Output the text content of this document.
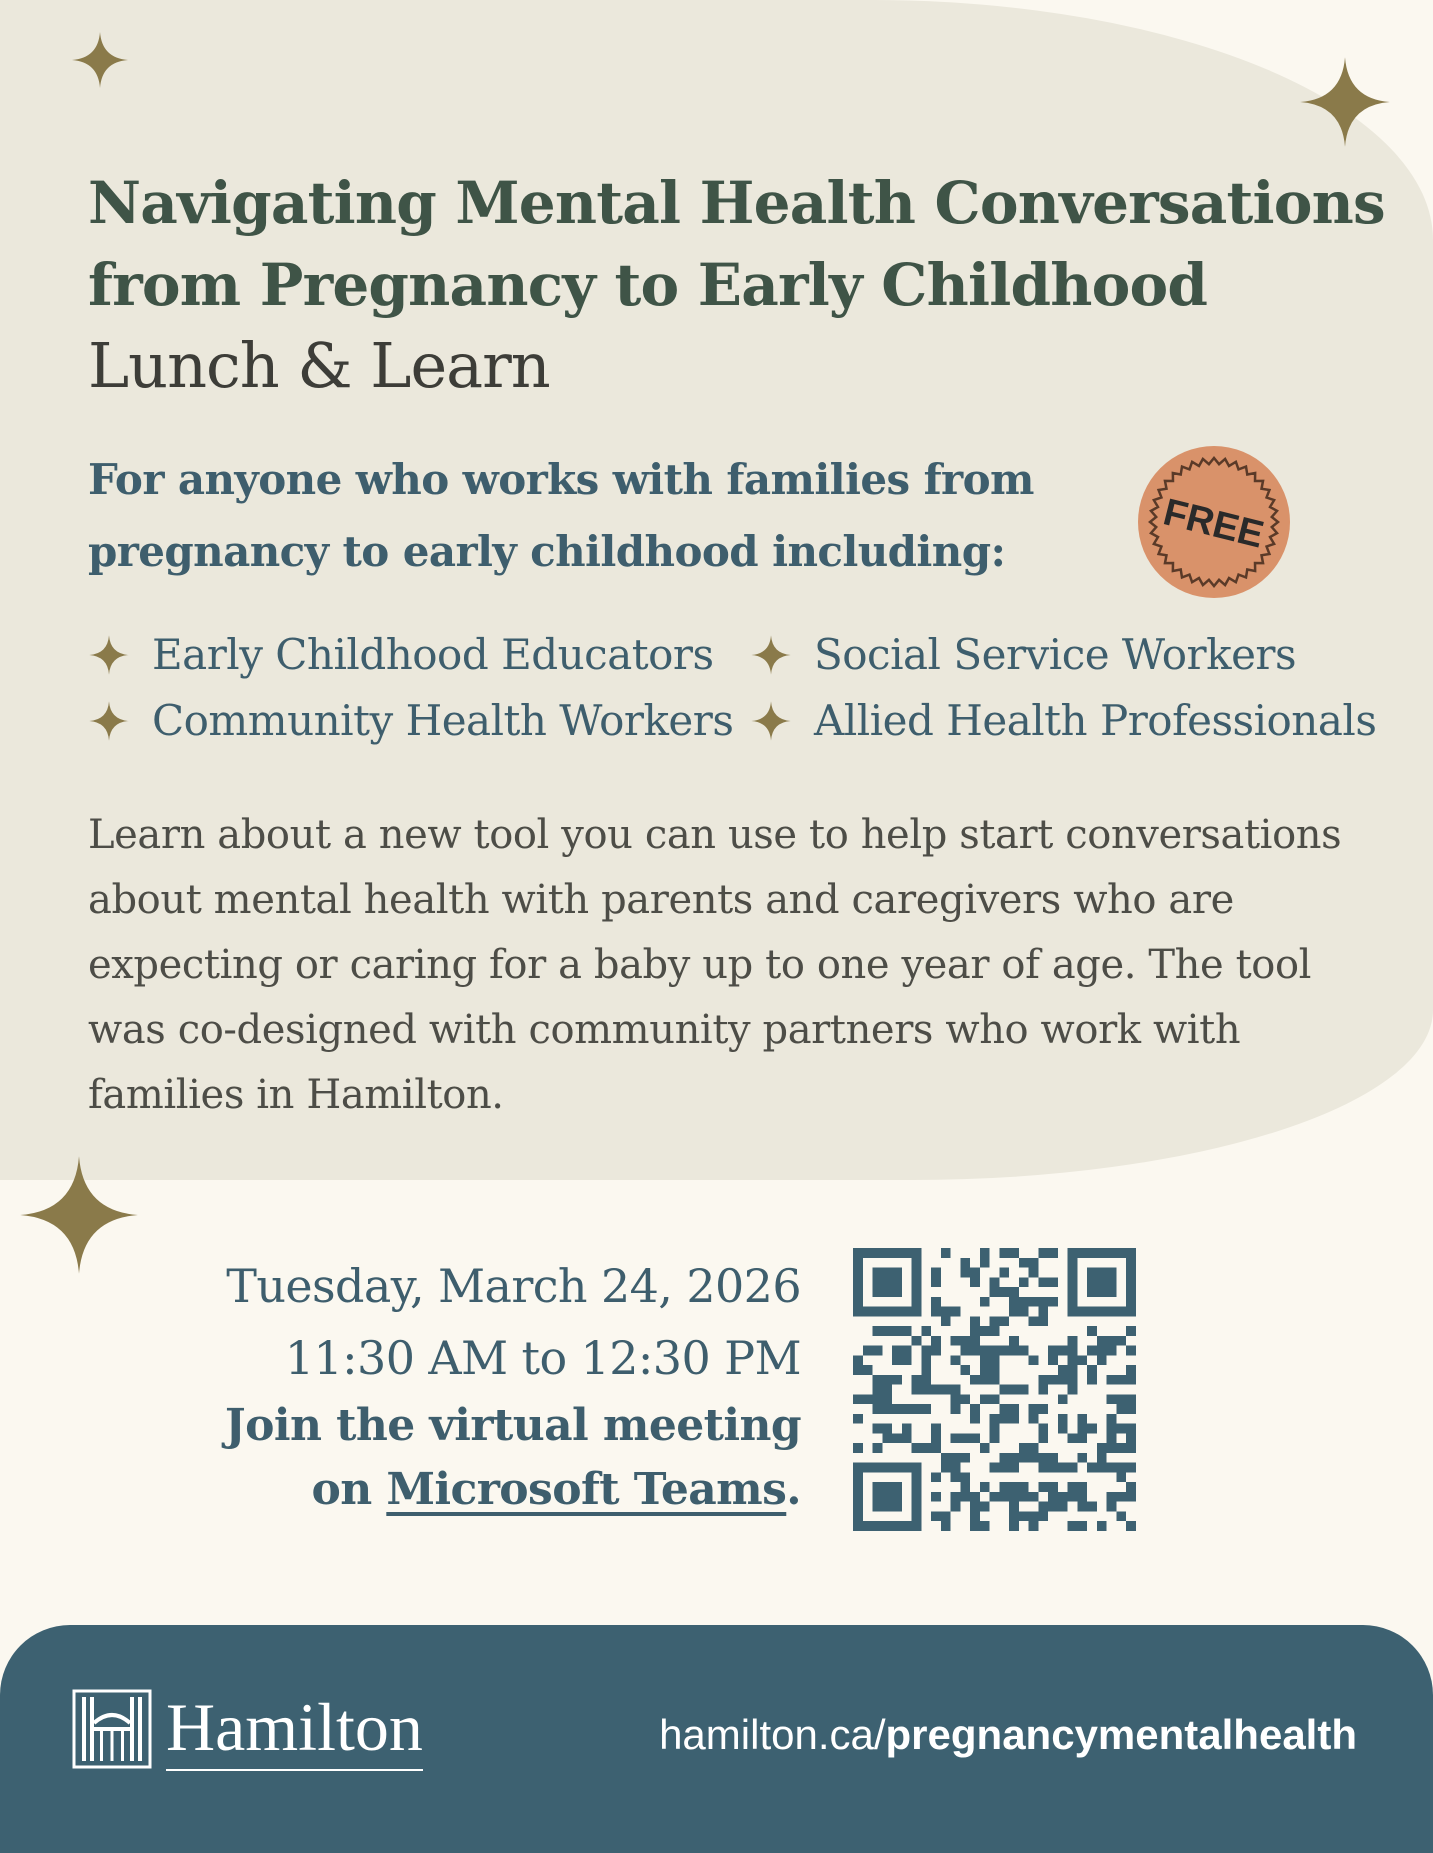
Navigating Mental Health Conversations
from Pregnancy to Early Childhood
Lunch & Learn
For anyone who works with families from
pregnancy to early childhood including:	FREE
Early Childhood Educators Social Service Workers
Community Health Workers Allied Health Professionals
Learn about a new tool you can use to help start conversations
about mental health with parents and caregivers who are
expecting or caring for a baby up to one year of age. The tool
was co-designed with community partners who work with
families in Hamilton.
Tuesday, March 24, 2026
11:30 AM to 12:30 PM
Join the virtual meeting
on Microsoft Teams.
Hamilton	hamilton.ca/pregnancymentalhealth
